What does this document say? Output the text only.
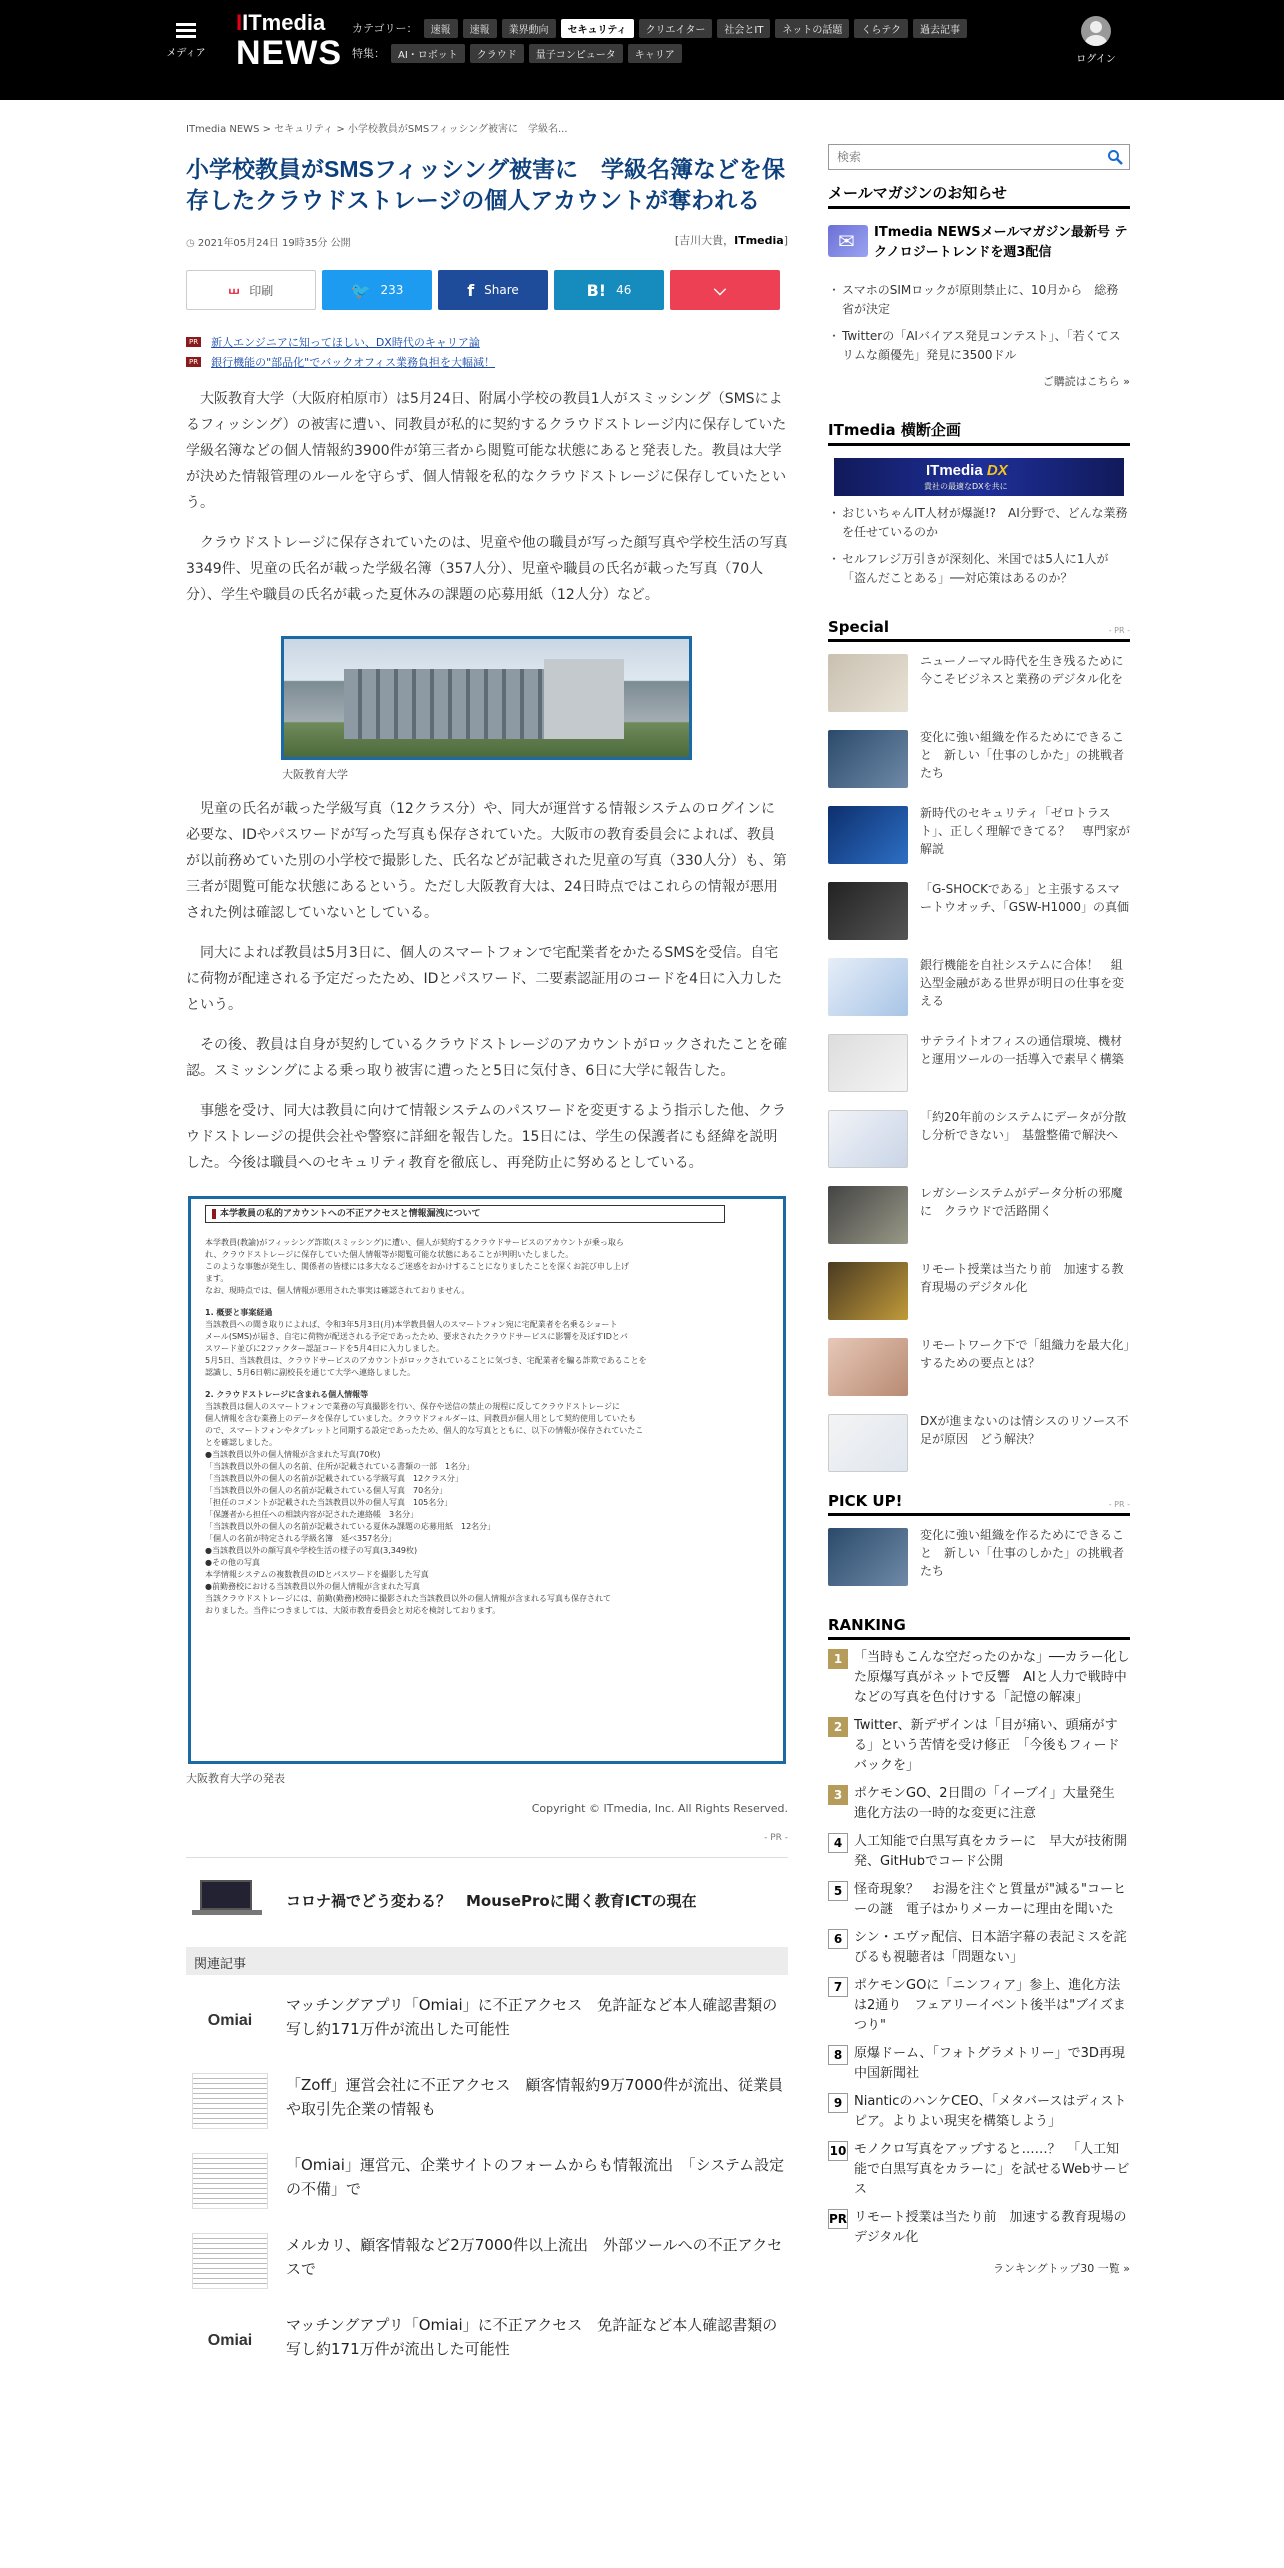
メディア
IITmedia
NEWS
カテゴリー：	速報	速報	業界動向	セキュリティ	クリエイター	社会とIT	ネットの話題	くらテク	過去記事
特集：	AI・ロボット	クラウド	量子コンピュータ	キャリア	ログイン
ITmedia NEWS > セキュリティ > 小学校教員がSMSフィッシング被害に　学級名...
小学校教員がSMSフィッシング被害に　学級名簿などを保存したクラウドストレージの個人アカウントが奪われる
◷ 2021年05月24日 19時35分 公開	[吉川大貴，ITmedia]
⏙ 印刷	🐦 233	f Share	B! 46	⌵
PR 新人エンジニアに知ってほしい、DX時代のキャリア論
PR 銀行機能の"部品化"でバックオフィス業務負担を大幅減！

大阪教育大学（大阪府柏原市）は5月24日、附属小学校の教員1人がスミッシング（SMSによるフィッシング）の被害に遭い、同教員が私的に契約するクラウドストレージ内に保存していた学級名簿などの個人情報約3900件が第三者から閲覧可能な状態にあると発表した。教員は大学が決めた情報管理のルールを守らず、個人情報を私的なクラウドストレージに保存していたという。

クラウドストレージに保存されていたのは、児童や他の職員が写った顔写真や学校生活の写真3349件、児童の氏名が載った学級名簿（357人分）、児童や職員の氏名が載った写真（70人分）、学生や職員の氏名が載った夏休みの課題の応募用紙（12人分）など。

大阪教育大学

児童の氏名が載った学級写真（12クラス分）や、同大が運営する情報システムのログインに必要な、IDやパスワードが写った写真も保存されていた。大阪市の教育委員会によれば、教員が以前務めていた別の小学校で撮影した、氏名などが記載された児童の写真（330人分）も、第三者が閲覧可能な状態にあるという。ただし大阪教育大は、24日時点ではこれらの情報が悪用された例は確認していないとしている。

同大によれば教員は5月3日に、個人のスマートフォンで宅配業者をかたるSMSを受信。自宅に荷物が配達される予定だったため、IDとパスワード、二要素認証用のコードを4日に入力したという。

その後、教員は自身が契約しているクラウドストレージのアカウントがロックされたことを確認。スミッシングによる乗っ取り被害に遭ったと5日に気付き、6日に大学に報告した。

事態を受け、同大は教員に向けて情報システムのパスワードを変更するよう指示した他、クラウドストレージの提供会社や警察に詳細を報告した。15日には、学生の保護者にも経緯を説明した。今後は職員へのセキュリティ教育を徹底し、再発防止に努めるとしている。

本学教員の私的アカウントへの不正アクセスと情報漏洩について
本学教員(教諭)がフィッシング詐欺(スミッシング)に遭い、個人が契約するクラウドサービスのアカウントが乗っ取ら
れ、クラウドストレージに保存していた個人情報等が閲覧可能な状態にあることが判明いたしました。
このような事態が発生し、関係者の皆様には多大なるご迷惑をおかけすることになりましたことを深くお詫び申し上げ
ます。
なお、現時点では、個人情報が悪用された事実は確認されておりません。
1. 概要と事案経過
当該教員への聞き取りによれば、令和3年5月3日(月)本学教員個人のスマートフォン宛に宅配業者を名乗るショート
メール(SMS)が届き、自宅に荷物が配送される予定であったため、要求されたクラウドサービスに影響を及ぼすIDとパ
スワード並びに2ファクター認証コードを5月4日に入力しました。
5月5日、当該教員は、クラウドサービスのアカウントがロックされていることに気づき、宅配業者を騙る詐欺であることを
認識し、5月6日朝に副校長を通じて大学へ連絡しました。
2. クラウドストレージに含まれる個人情報等
当該教員は個人のスマートフォンで業務の写真撮影を行い、保存や送信の禁止の規程に反してクラウドストレージに
個人情報を含む業務上のデータを保存していました。クラウドフォルダーは、同教員が個人用として契約使用していたも
ので、スマートフォンやタブレットと同期する設定であったため、個人的な写真とともに、以下の情報が保存されていたこ
とを確認しました。
●当該教員以外の個人情報が含まれた写真(70枚)
「当該教員以外の個人の名前、住所が記載されている書類の一部　1名分」
「当該教員以外の個人の名前が記載されている学級写真　12クラス分」
「当該教員以外の個人の名前が記載されている個人写真　70名分」
「担任のコメントが記載された当該教員以外の個人写真　105名分」
「保護者から担任への相談内容が記された連絡帳　3名分」
「当該教員以外の個人の名前が記載されている夏休み課題の応募用紙　12名分」
「個人の名前が特定される学級名簿　延べ357名分」
●当該教員以外の顔写真や学校生活の様子の写真(3,349枚)
●その他の写真
本学情報システムの複数教員のIDとパスワードを撮影した写真
●前勤務校における当該教員以外の個人情報が含まれた写真
当該クラウドストレージには、前勤(勤務)校時に撮影された当該教員以外の個人情報が含まれる写真も保存されて
おりました。当件につきましては、大阪市教育委員会と対応を検討しております。
大阪教育大学の発表
Copyright © ITmedia, Inc. All Rights Reserved.
- PR -
コロナ禍でどう変わる？　MouseProに聞く教育ICTの現在
関連記事
Omiai
マッチングアプリ「Omiai」に不正アクセス　免許証など本人確認書類の写し約171万件が流出した可能性
「Zoff」運営会社に不正アクセス　顧客情報約9万7000件が流出、従業員や取引先企業の情報も
「Omiai」運営元、企業サイトのフォームからも情報流出　「システム設定の不備」で
メルカリ、顧客情報など2万7000件以上流出　外部ツールへの不正アクセスで
Omiai
マッチングアプリ「Omiai」に不正アクセス　免許証など本人確認書類の写し約171万件が流出した可能性
検索
メールマガジンのお知らせ
✉
ITmedia NEWSメールマガジン最新号 テクノロジートレンドを週3配信
・ スマホのSIMロックが原則禁止に、10月から　総務省が決定
・ Twitterの「AIバイアス発見コンテスト」、「若くてスリムな顔優先」発見に3500ドル
ご購読はこちら »
ITmedia 横断企画
ITmedia DX
貴社の最適なDXを共に
・ おじいちゃんIT人材が爆誕!?　AI分野で、どんな業務を任せているのか
・ セルフレジ万引きが深刻化、米国では5人に1人が「盗んだことある」──対応策はあるのか？
Special	- PR -
ニューノーマル時代を生き残るために　今こそビジネスと業務のデジタル化を
変化に強い組織を作るためにできること　新しい「仕事のしかた」の挑戦者たち
新時代のセキュリティ「ゼロトラスト」、正しく理解できてる？　専門家が解説
「G-SHOCKである」と主張するスマートウオッチ、「GSW-H1000」の真価
銀行機能を自社システムに合体！　組込型金融がある世界が明日の仕事を変える
サテライトオフィスの通信環境、機材と運用ツールの一括導入で素早く構築
「約20年前のシステムにデータが分散し分析できない」　基盤整備で解決へ
レガシーシステムがデータ分析の邪魔に　クラウドで活路開く
リモート授業は当たり前　加速する教育現場のデジタル化
リモートワーク下で「組織力を最大化」するための要点とは？
DXが進まないのは情シスのリソース不足が原因　どう解決？
PICK UP!	- PR -
変化に強い組織を作るためにできること　新しい「仕事のしかた」の挑戦者たち
RANKING
1 「当時もこんな空だったのかな」──カラー化した原爆写真がネットで反響　AIと人力で戦時中などの写真を色付けする「記憶の解凍」
2 Twitter、新デザインは「目が痛い、頭痛がする」という苦情を受け修正　「今後もフィードバックを」
3 ポケモンGO、2日間の「イーブイ」大量発生　進化方法の一時的な変更に注意
4 人工知能で白黒写真をカラーに　早大が技術開発、GitHubでコード公開
5 怪奇現象？　お湯を注ぐと質量が"減る"コーヒーの謎　電子はかりメーカーに理由を聞いた
6 シン・エヴァ配信、日本語字幕の表記ミスを詫びるも視聴者は「問題ない」
7 ポケモンGOに「ニンフィア」参上、進化方法は2通り　フェアリーイベント後半は"ブイズまつり"
8 原爆ドーム、「フォトグラメトリー」で3D再現　中国新聞社
9 NianticのハンケCEO、「メタバースはディストピア。よりよい現実を構築しよう」
10 モノクロ写真をアップすると……？　「人工知能で白黒写真をカラーに」を試せるWebサービス
PR リモート授業は当たり前　加速する教育現場のデジタル化
ランキングトップ30 一覧 »
